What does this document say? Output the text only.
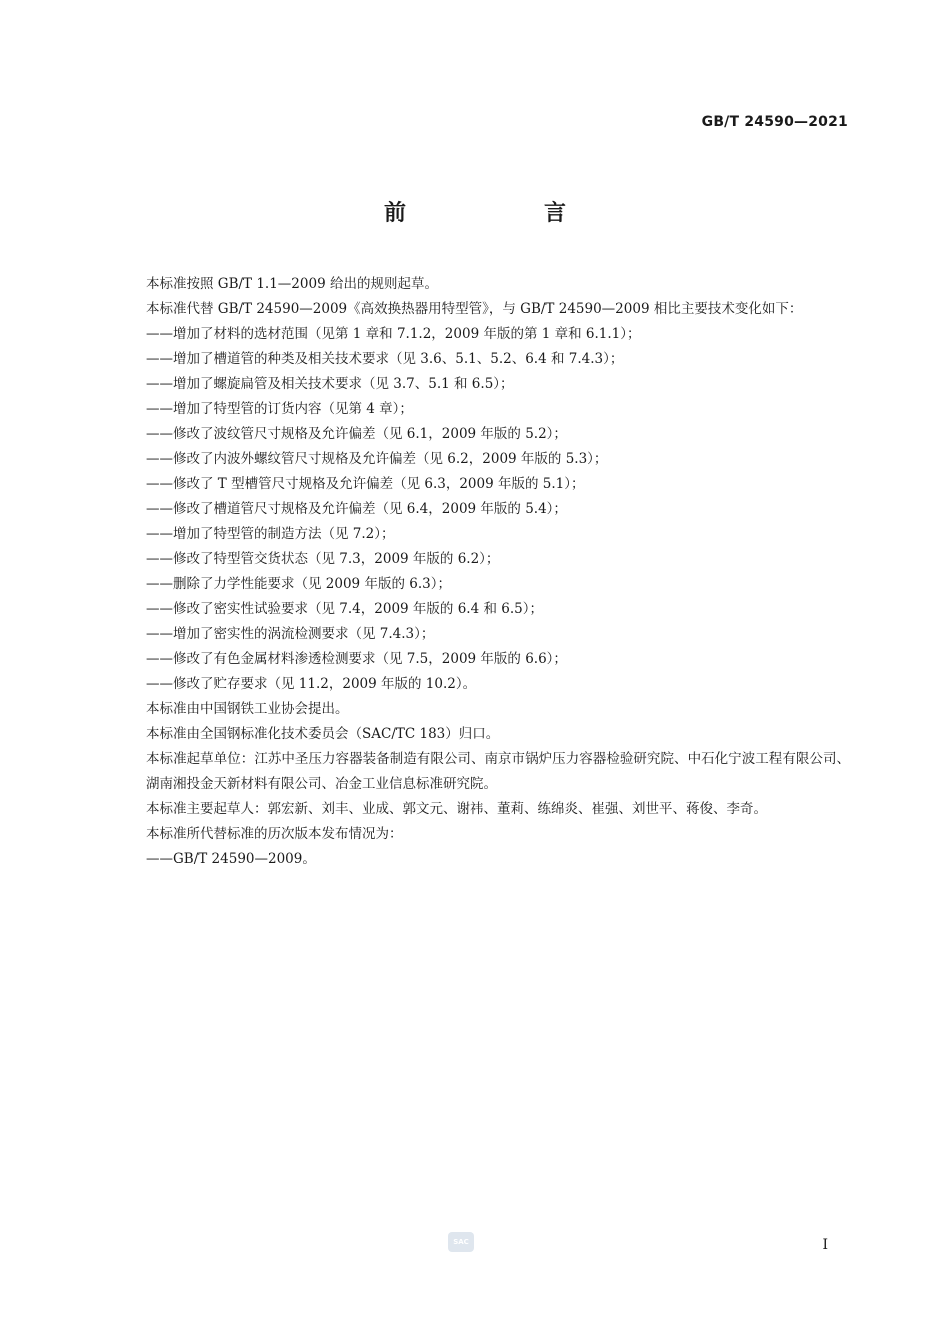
GB/T 24590—2021
前　言
本标准按照 GB/T 1.1—2009 给出的规则起草。
本标准代替 GB/T 24590—2009《高效换热器用特型管》，与 GB/T 24590—2009 相比主要技术变化如下：
——增加了材料的选材范围（见第 1 章和 7.1.2，2009 年版的第 1 章和 6.1.1）；
——增加了槽道管的种类及相关技术要求（见 3.6、5.1、5.2、6.4 和 7.4.3）；
——增加了螺旋扁管及相关技术要求（见 3.7、5.1 和 6.5）；
——增加了特型管的订货内容（见第 4 章）；
——修改了波纹管尺寸规格及允许偏差（见 6.1，2009 年版的 5.2）；
——修改了内波外螺纹管尺寸规格及允许偏差（见 6.2，2009 年版的 5.3）；
——修改了 T 型槽管尺寸规格及允许偏差（见 6.3，2009 年版的 5.1）；
——修改了槽道管尺寸规格及允许偏差（见 6.4，2009 年版的 5.4）；
——增加了特型管的制造方法（见 7.2）；
——修改了特型管交货状态（见 7.3，2009 年版的 6.2）；
——删除了力学性能要求（见 2009 年版的 6.3）；
——修改了密实性试验要求（见 7.4，2009 年版的 6.4 和 6.5）；
——增加了密实性的涡流检测要求（见 7.4.3）；
——修改了有色金属材料渗透检测要求（见 7.5，2009 年版的 6.6）；
——修改了贮存要求（见 11.2，2009 年版的 10.2）。
本标准由中国钢铁工业协会提出。
本标准由全国钢标准化技术委员会（SAC/TC 183）归口。
本标准起草单位：江苏中圣压力容器装备制造有限公司、南京市锅炉压力容器检验研究院、中石化宁波工程有限公司、湖南湘投金天新材料有限公司、冶金工业信息标准研究院。
本标准主要起草人：郭宏新、刘丰、业成、郭文元、谢祎、董莉、练绵炎、崔强、刘世平、蒋俊、李奇。
本标准所代替标准的历次版本发布情况为：
——GB/T 24590—2009。
SAC	I
